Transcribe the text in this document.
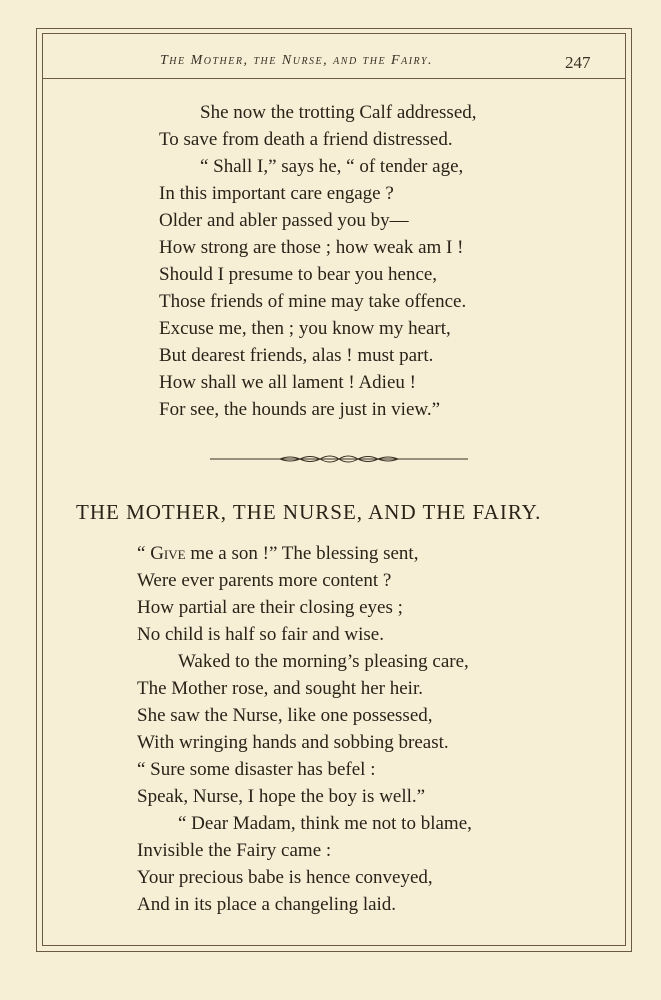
The Mother, the Nurse, and the Fairy.	247
She now the trotting Calf addressed,
To save from death a friend distressed.
“ Shall I,” says he, “ of tender age,
In this important care engage ?
Older and abler passed you by—
How strong are those ; how weak am I !
Should I presume to bear you hence,
Those friends of mine may take offence.
Excuse me, then ; you know my heart,
But dearest friends, alas ! must part.
How shall we all lament ! Adieu !
For see, the hounds are just in view.”
THE MOTHER, THE NURSE, AND THE FAIRY.
“ Give me a son !” The blessing sent,
Were ever parents more content ?
How partial are their closing eyes ;
No child is half so fair and wise.
Waked to the morning’s pleasing care,
The Mother rose, and sought her heir.
She saw the Nurse, like one possessed,
With wringing hands and sobbing breast.
“ Sure some disaster has befel :
Speak, Nurse, I hope the boy is well.”
“ Dear Madam, think me not to blame,
Invisible the Fairy came :
Your precious babe is hence conveyed,
And in its place a changeling laid.
